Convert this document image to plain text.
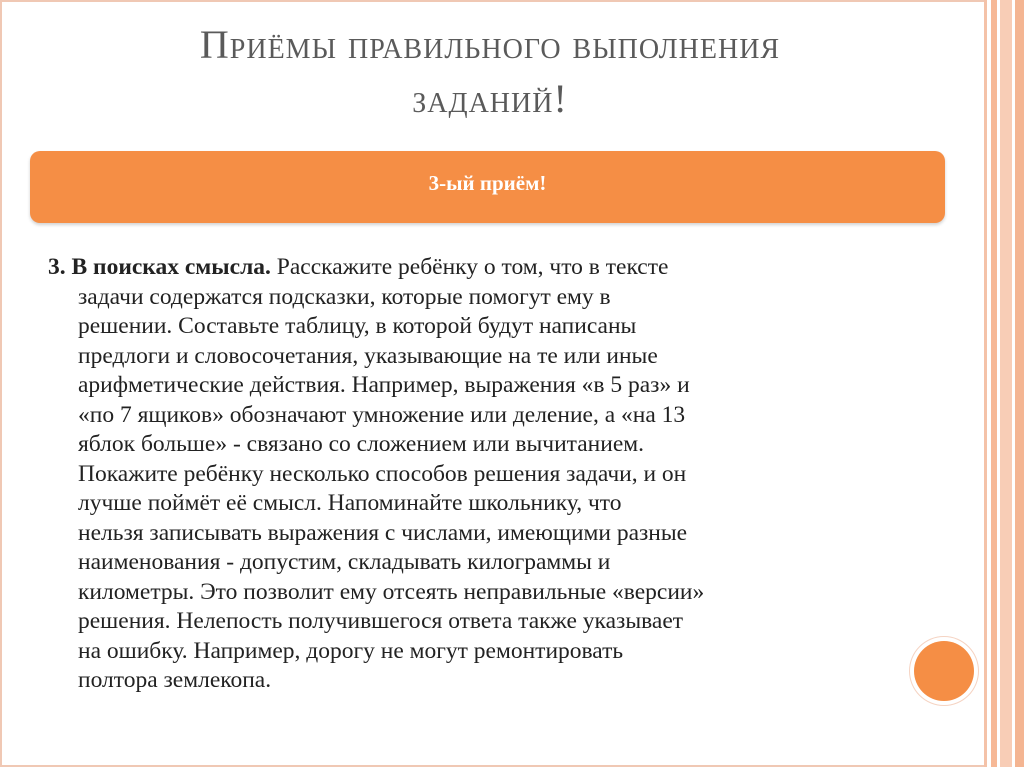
Приёмы правильного выполнения
заданий!
3-ый приём!
3. В поисках смысла. Расскажите ребёнку о том, что в тексте
задачи содержатся подсказки, которые помогут ему в
решении. Составьте таблицу, в которой будут написаны
предлоги и словосочетания, указывающие на те или иные
арифметические действия. Например, выражения «в 5 раз» и
«по 7 ящиков» обозначают умножение или деление, а «на 13
яблок больше» - связано со сложением или вычитанием.
Покажите ребёнку несколько способов решения задачи, и он
лучше поймёт её смысл. Напоминайте школьнику, что
нельзя записывать выражения с числами, имеющими разные
наименования - допустим, складывать килограммы и
километры. Это позволит ему отсеять неправильные «версии»
решения. Нелепость получившегося ответа также указывает
на ошибку. Например, дорогу не могут ремонтировать
полтора землекопа.
